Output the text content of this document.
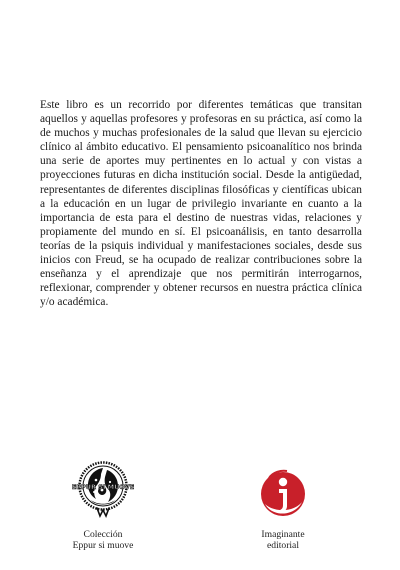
Este libro es un recorrido por diferentes temáticas que transitan aquellos y aquellas profesores y profesoras en su práctica, así como la de muchos y muchas profesionales de la salud que llevan su ejercicio clínico al ámbito educativo. El pensamiento psicoanalítico nos brinda una serie de aportes muy pertinentes en lo actual y con vistas a proyecciones futuras en dicha institución social. Desde la antigüedad, representantes de diferentes disciplinas filosóficas y científicas ubican a la educación en un lugar de privilegio invariante en cuanto a la importancia de esta para el destino de nuestras vidas, relaciones y propiamente del mundo en sí. El psicoanálisis, en tanto desarrolla teorías de la psiquis individual y manifestaciones sociales, desde sus inicios con Freud, se ha ocupado de realizar contribuciones sobre la enseñanza y el aprendizaje que nos permitirán interrogarnos, reflexionar, comprender y obtener recursos en nuestra práctica clínica y/o académica.

EPPUR SI MUOVE
Colección
Eppur si muove
Imaginante
editorial
